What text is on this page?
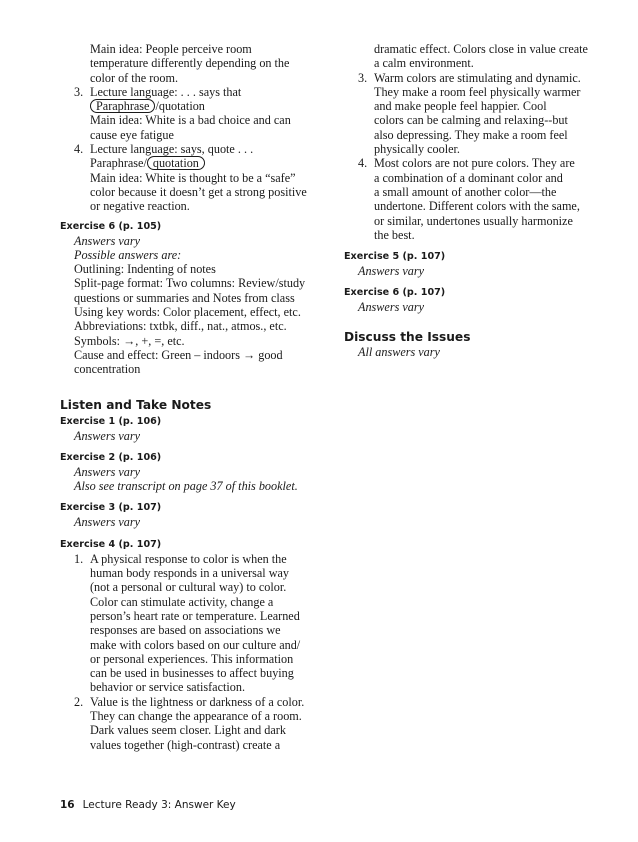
Main idea: People perceive room
temperature differently depending on the
color of the room.
3. Lecture language: . . . says that
Paraphrase /quotation
Main idea: White is a bad choice and can
cause eye fatigue
4. Lecture language: says, quote . . .
Paraphrase/ quotation
Main idea: White is thought to be a “safe”
color because it doesn’t get a strong positive
or negative reaction.
Exercise 6 (p. 105)
Answers vary
Possible answers are:
Outlining: Indenting of notes
Split-page format: Two columns: Review/study
questions or summaries and Notes from class
Using key words: Color placement, effect, etc.
Abbreviations: txtbk, diff., nat., atmos., etc.
Symbols: →, +, =, etc.
Cause and effect: Green – indoors → good
concentration
Listen and Take Notes
Exercise 1 (p. 106)
Answers vary
Exercise 2 (p. 106)
Answers vary
Also see transcript on page 37 of this booklet.
Exercise 3 (p. 107)
Answers vary
Exercise 4 (p. 107)
1. A physical response to color is when the
human body responds in a universal way
(not a personal or cultural way) to color.
Color can stimulate activity, change a
person’s heart rate or temperature. Learned
responses are based on associations we
make with colors based on our culture and/
or personal experiences. This information
can be used in businesses to affect buying
behavior or service satisfaction.
2. Value is the lightness or darkness of a color.
They can change the appearance of a room.
Dark values seem closer. Light and dark
values together (high-contrast) create a
dramatic effect. Colors close in value create
a calm environment.
3. Warm colors are stimulating and dynamic.
They make a room feel physically warmer
and make people feel happier. Cool
colors can be calming and relaxing--but
also depressing. They make a room feel
physically cooler.
4. Most colors are not pure colors. They are
a combination of a dominant color and
a small amount of another color—the
undertone. Different colors with the same,
or similar, undertones usually harmonize
the best.
Exercise 5 (p. 107)
Answers vary
Exercise 6 (p. 107)
Answers vary
Discuss the Issues
All answers vary
16 Lecture Ready 3: Answer Key
